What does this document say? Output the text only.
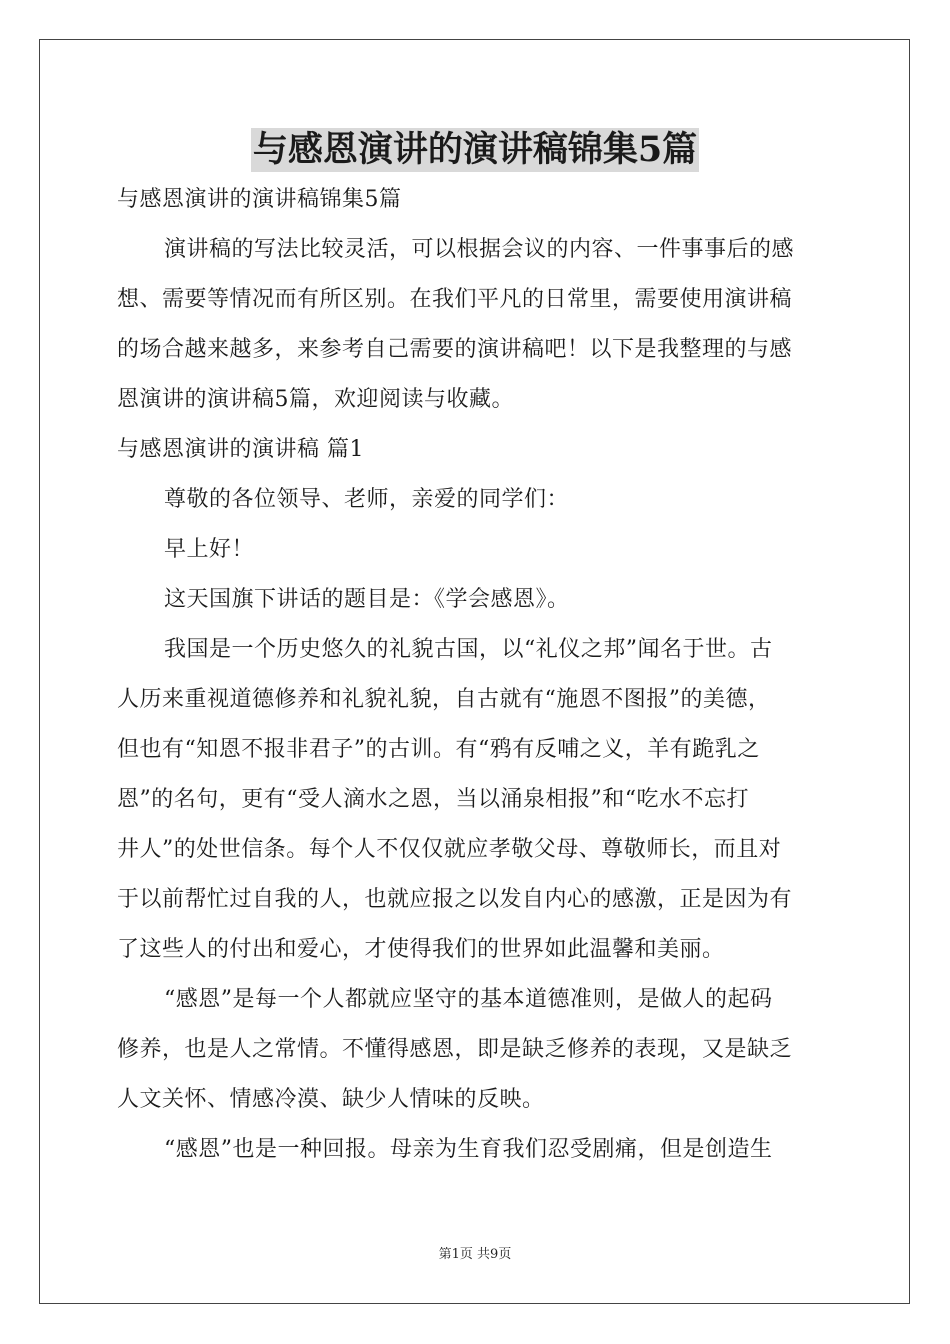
与感恩演讲的演讲稿锦集5篇
与感恩演讲的演讲稿锦集5篇
演讲稿的写法比较灵活，可以根据会议的内容、一件事事后的感
想、需要等情况而有所区别。在我们平凡的日常里，需要使用演讲稿
的场合越来越多，来参考自己需要的演讲稿吧！以下是我整理的与感
恩演讲的演讲稿5篇，欢迎阅读与收藏。
与感恩演讲的演讲稿 篇1
尊敬的各位领导、老师，亲爱的同学们：
早上好！
这天国旗下讲话的题目是：《学会感恩》。
我国是一个历史悠久的礼貌古国，以“礼仪之邦”闻名于世。古
人历来重视道德修养和礼貌礼貌，自古就有“施恩不图报”的美德，
但也有“知恩不报非君子”的古训。有“鸦有反哺之义，羊有跪乳之
恩”的名句，更有“受人滴水之恩，当以涌泉相报”和“吃水不忘打
井人”的处世信条。每个人不仅仅就应孝敬父母、尊敬师长，而且对
于以前帮忙过自我的人，也就应报之以发自内心的感激，正是因为有
了这些人的付出和爱心，才使得我们的世界如此温馨和美丽。
“感恩”是每一个人都就应坚守的基本道德准则，是做人的起码
修养，也是人之常情。不懂得感恩，即是缺乏修养的表现，又是缺乏
人文关怀、情感冷漠、缺少人情味的反映。
“感恩”也是一种回报。母亲为生育我们忍受剧痛，但是创造生
第1页 共9页
